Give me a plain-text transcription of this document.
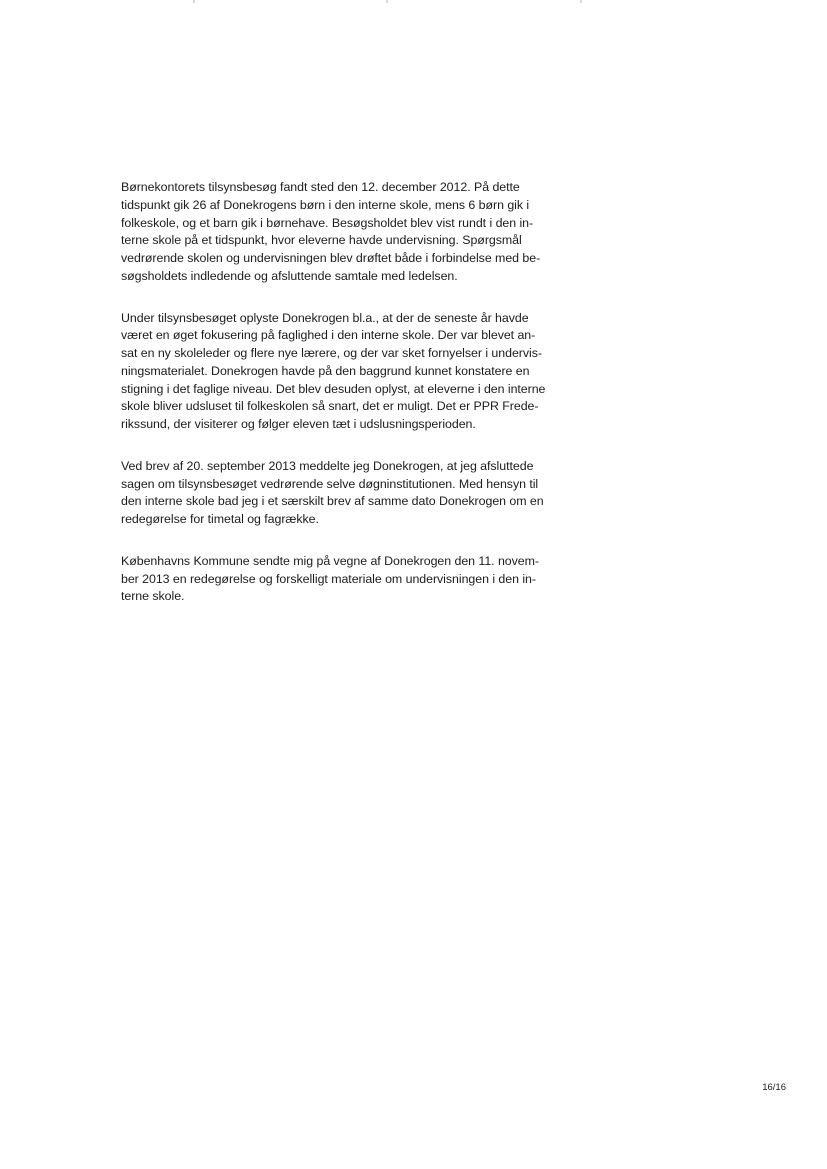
Børnekontorets tilsynsbesøg fandt sted den 12. december 2012. På dette
tidspunkt gik 26 af Donekrogens børn i den interne skole, mens 6 børn gik i
folkeskole, og et barn gik i børnehave. Besøgsholdet blev vist rundt i den in-
terne skole på et tidspunkt, hvor eleverne havde undervisning. Spørgsmål
vedrørende skolen og undervisningen blev drøftet både i forbindelse med be-
søgsholdets indledende og afsluttende samtale med ledelsen.

Under tilsynsbesøget oplyste Donekrogen bl.a., at der de seneste år havde
været en øget fokusering på faglighed i den interne skole. Der var blevet an-
sat en ny skoleleder og flere nye lærere, og der var sket fornyelser i undervis-
ningsmaterialet. Donekrogen havde på den baggrund kunnet konstatere en
stigning i det faglige niveau. Det blev desuden oplyst, at eleverne i den interne
skole bliver udsluset til folkeskolen så snart, det er muligt. Det er PPR Frede-
rikssund, der visiterer og følger eleven tæt i udslusningsperioden.

Ved brev af 20. september 2013 meddelte jeg Donekrogen, at jeg afsluttede
sagen om tilsynsbesøget vedrørende selve døgninstitutionen. Med hensyn til
den interne skole bad jeg i et særskilt brev af samme dato Donekrogen om en
redegørelse for timetal og fagrække.

Københavns Kommune sendte mig på vegne af Donekrogen den 11. novem-
ber 2013 en redegørelse og forskelligt materiale om undervisningen i den in-
terne skole.

16/16
